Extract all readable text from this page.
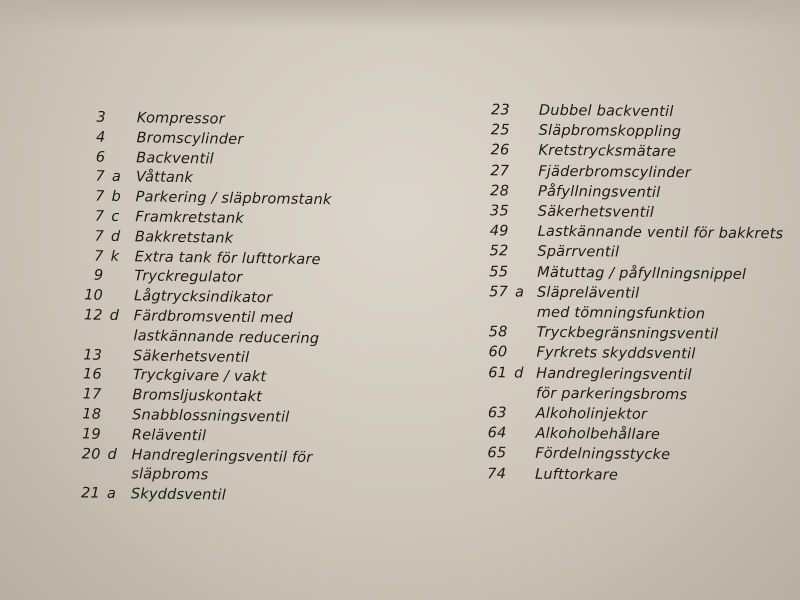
3 Kompressor
4 Bromscylinder
6 Backventil
7 a	Våttank
7 b Parkering / släpbromstank
7 c	Framkretstank
7 d Bakkretstank
7 k	Extra tank för lufttorkare
9 Tryckregulator
10 Lågtrycksindikator
12 d Färdbromsventil med
lastkännande reducering
13 Säkerhetsventil
16 Tryckgivare / vakt
17 Bromsljuskontakt
18 Snabblossningsventil
19 Reläventil
20 d Handregleringsventil för
släpbroms
21 a	Skyddsventil
23 Dubbel backventil
25 Släpbromskoppling
26 Kretstrycksmätare
27 Fjäderbromscylinder
28 Påfyllningsventil
35 Säkerhetsventil
49 Lastkännande ventil för bakkrets
52 Spärrventil
55 Mätuttag / påfyllningsnippel
57 a Släpreläventil
med tömningsfunktion
58 Tryckbegränsningsventil
60 Fyrkrets skyddsventil
61 d Handregleringsventil
för parkeringsbroms
63 Alkoholinjektor
64 Alkoholbehållare
65 Fördelningsstycke
74 Lufttorkare
